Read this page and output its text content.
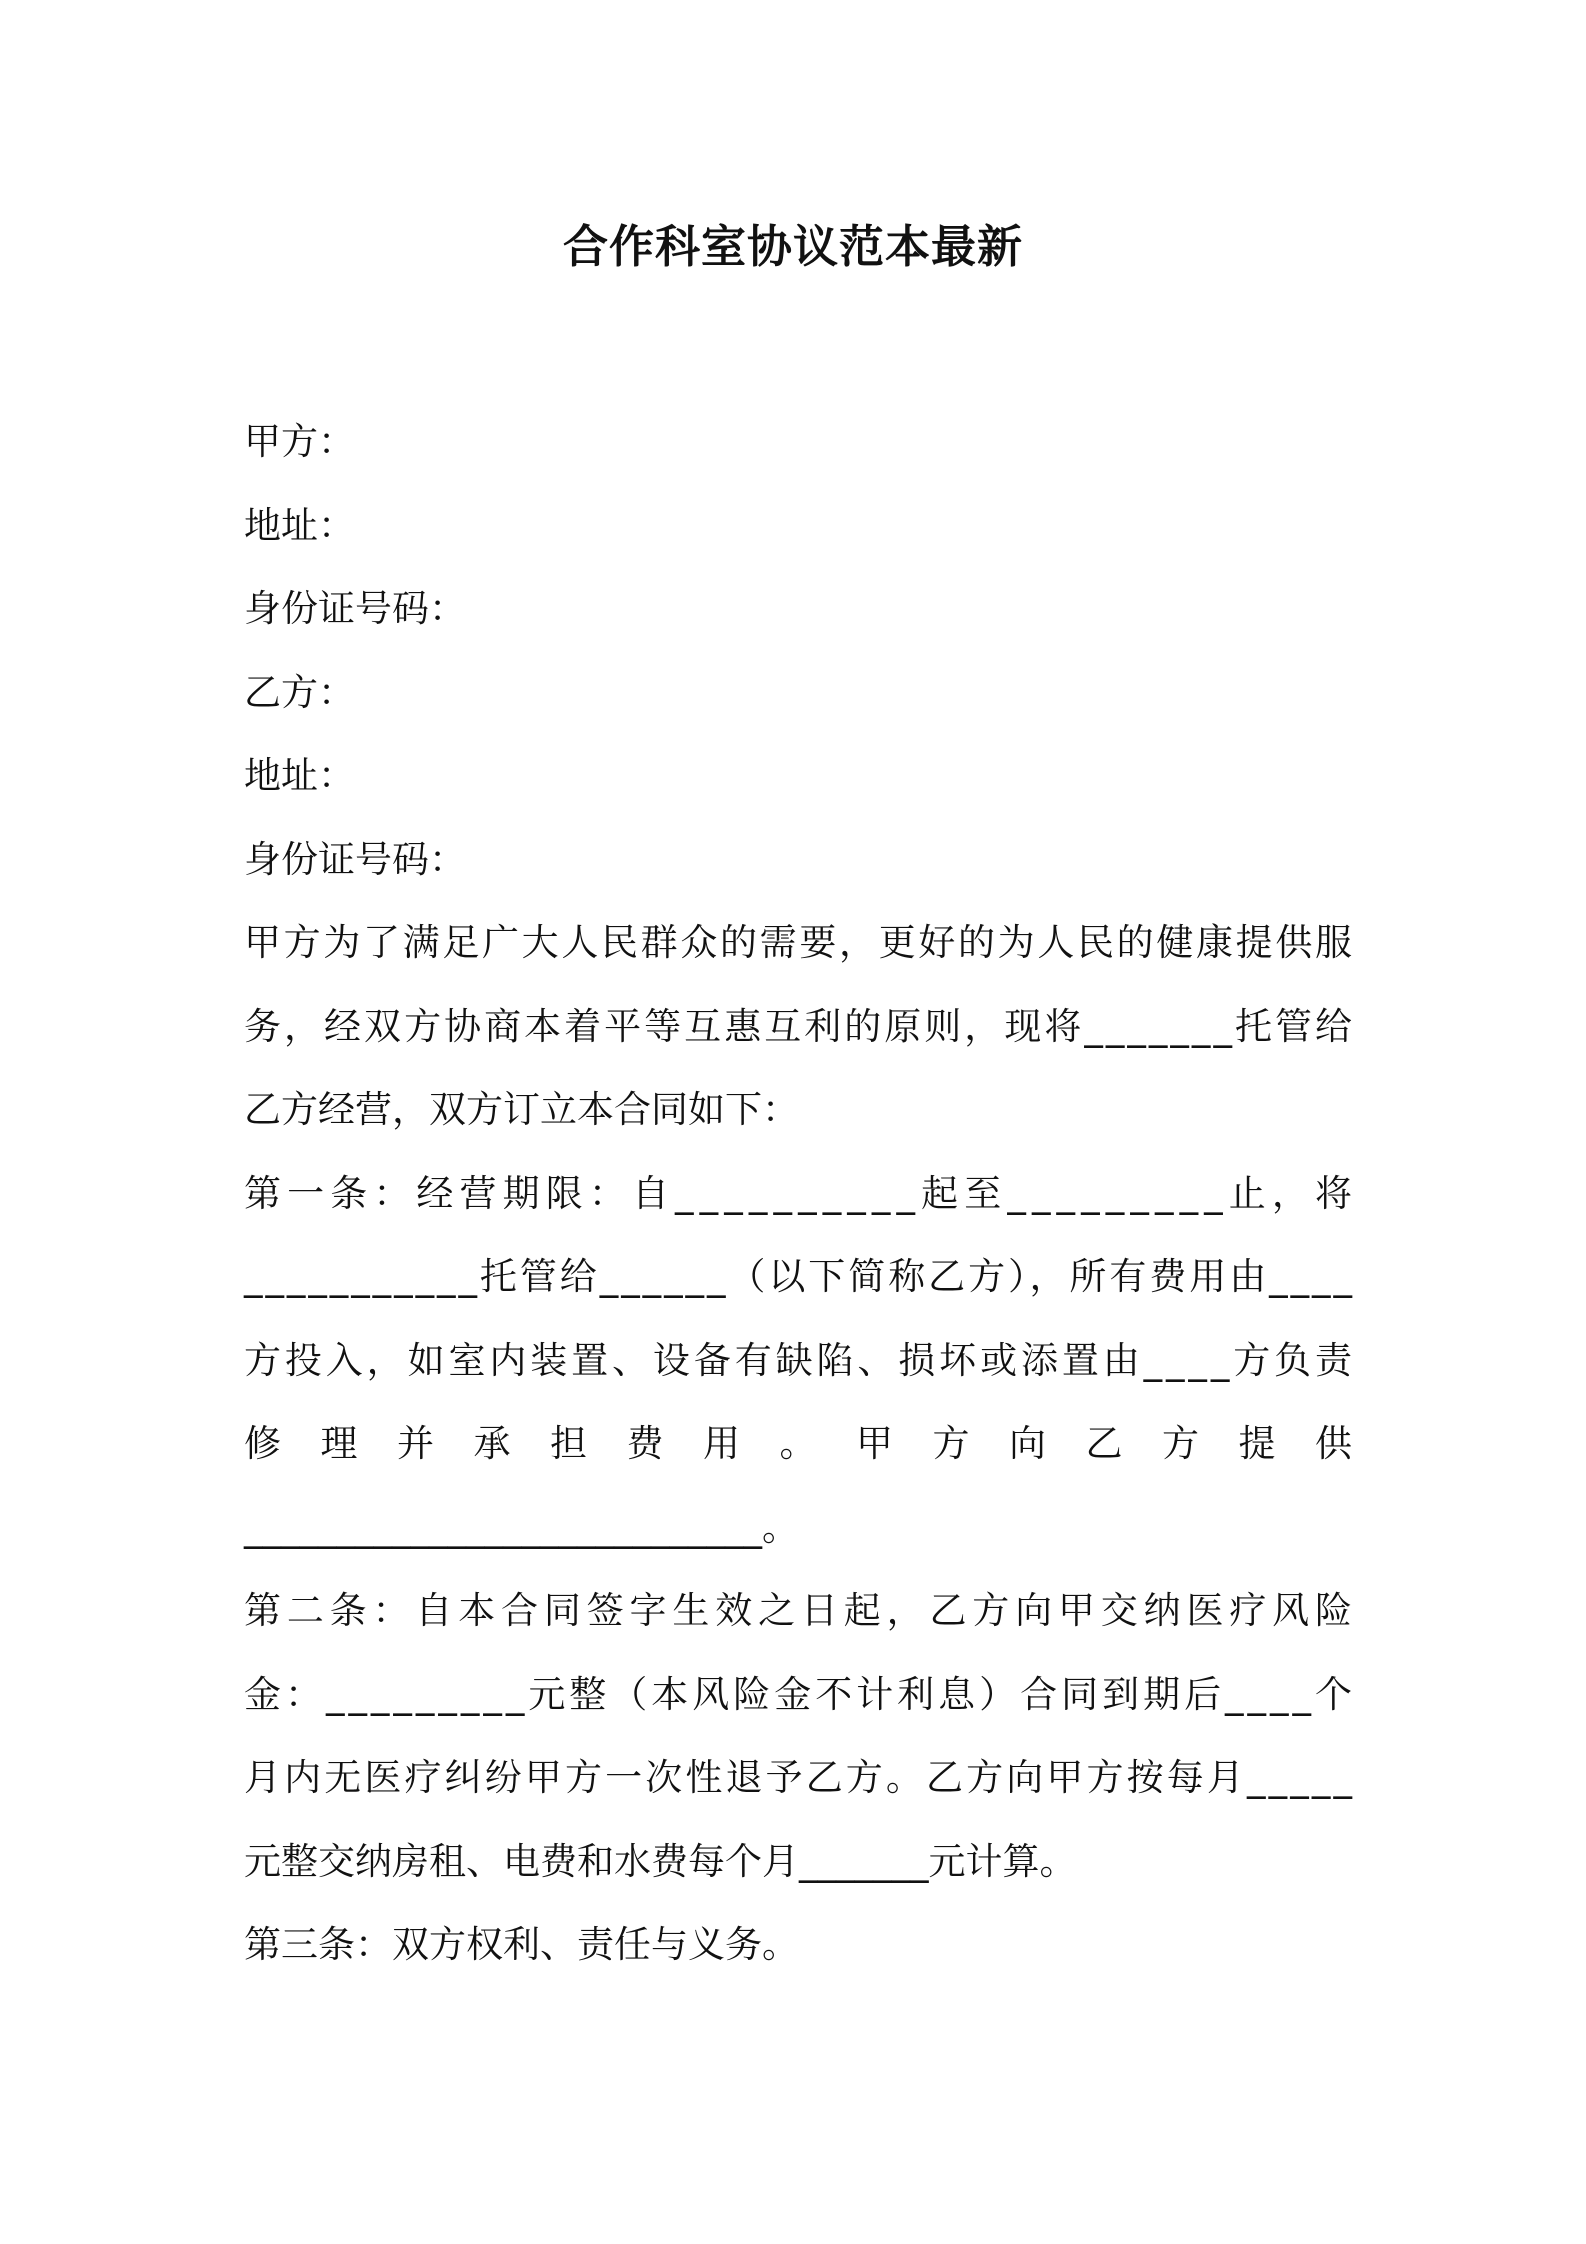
合作科室协议范本最新
甲方：
地址：
身份证号码：
乙方：
地址：
身份证号码：
甲方为了满足广大人民群众的需要，更好的为人民的健康提供服
务，经双方协商本着平等互惠互利的原则，现将_______托管给
乙方经营，双方订立本合同如下：
第一条：经营期限：自__________起至_________止，将
___________托管给______（以下简称乙方），所有费用由____
方投入，如室内装置、设备有缺陷、损坏或添置由____方负责
修 理 并 承 担 费 用 。 甲 方 向 乙 方 提 供
____________________________。
第二条：自本合同签字生效之日起，乙方向甲交纳医疗风险
金：_________元整（本风险金不计利息）合同到期后____个
月内无医疗纠纷甲方一次性退予乙方。乙方向甲方按每月_____
元整交纳房租、电费和水费每个月_______元计算。
第三条：双方权利、责任与义务。
